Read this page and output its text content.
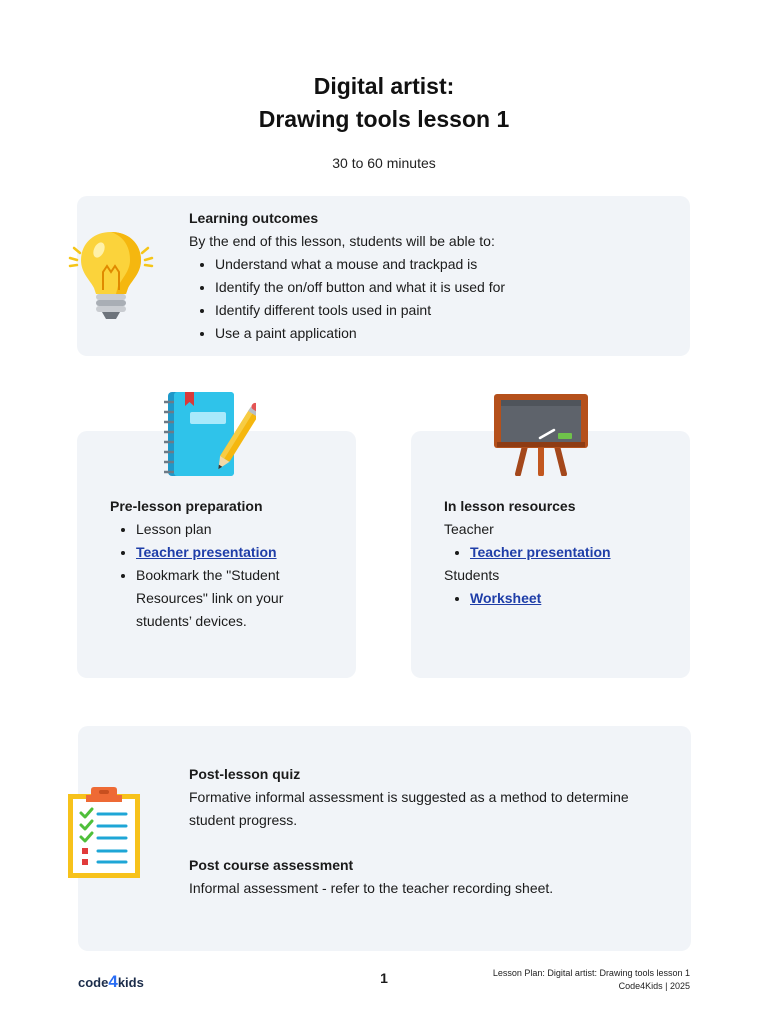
Digital artist:
Drawing tools lesson 1
30 to 60 minutes
Learning outcomes
By the end of this lesson, students will be able to:
• Understand what a mouse and trackpad is
• Identify the on/off button and what it is used for
• Identify different tools used in paint
• Use a paint application
Pre-lesson preparation
• Lesson plan
• Teacher presentation
• Bookmark the "Student Resources" link on your students’ devices.
In lesson resources
Teacher
• Teacher presentation
Students
• Worksheet
Post-lesson quiz
Formative informal assessment is suggested as a method to determine student progress.
Post course assessment
Informal assessment - refer to the teacher recording sheet.
code4kids	1	Lesson Plan: Digital artist: Drawing tools lesson 1
Code4Kids | 2025
